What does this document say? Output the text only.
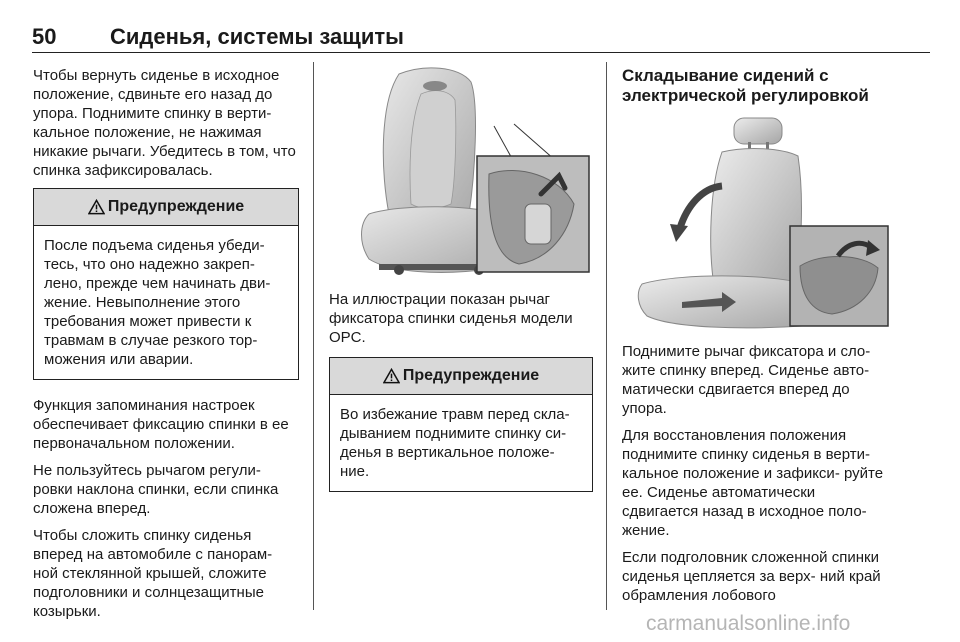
50 Сиденья, системы защиты

Чтобы вернуть сиденье в исходное положение, сдвиньте его назад до упора. Поднимите спинку в верти- кальное положение, не нажимая никакие рычаги. Убедитесь в том, что спинка зафиксировалась.

Предупреждение
После подъема сиденья убеди- тесь, что оно надежно закреп- лено, прежде чем начинать дви- жение. Невыполнение этого требования может привести к травмам в случае резкого тор- можения или аварии.

Функция запоминания настроек обеспечивает фиксацию спинки в ее первоначальном положении.

Не пользуйтесь рычагом регули- ровки наклона спинки, если спинка сложена вперед.

Чтобы сложить спинку сиденья вперед на автомобиле с панорам- ной стеклянной крышей, сложите подголовники и солнцезащитные козырьки.

На иллюстрации показан рычаг фиксатора спинки сиденья модели OPC.

Предупреждение
Во избежание травм перед скла- дыванием поднимите спинку си- денья в вертикальное положе- ние.
Складывание сидений с электрической регулировкой

Поднимите рычаг фиксатора и сло- жите спинку вперед. Сиденье авто- матически сдвигается вперед до упора.

Для восстановления положения поднимите спинку сиденья в верти- кальное положение и зафикси- руйте ее. Сиденье автоматически сдвигается назад в исходное поло- жение.

Если подголовник сложенной спинки сиденья цепляется за верх- ний край обрамления лобового

carmanualsonline.info
